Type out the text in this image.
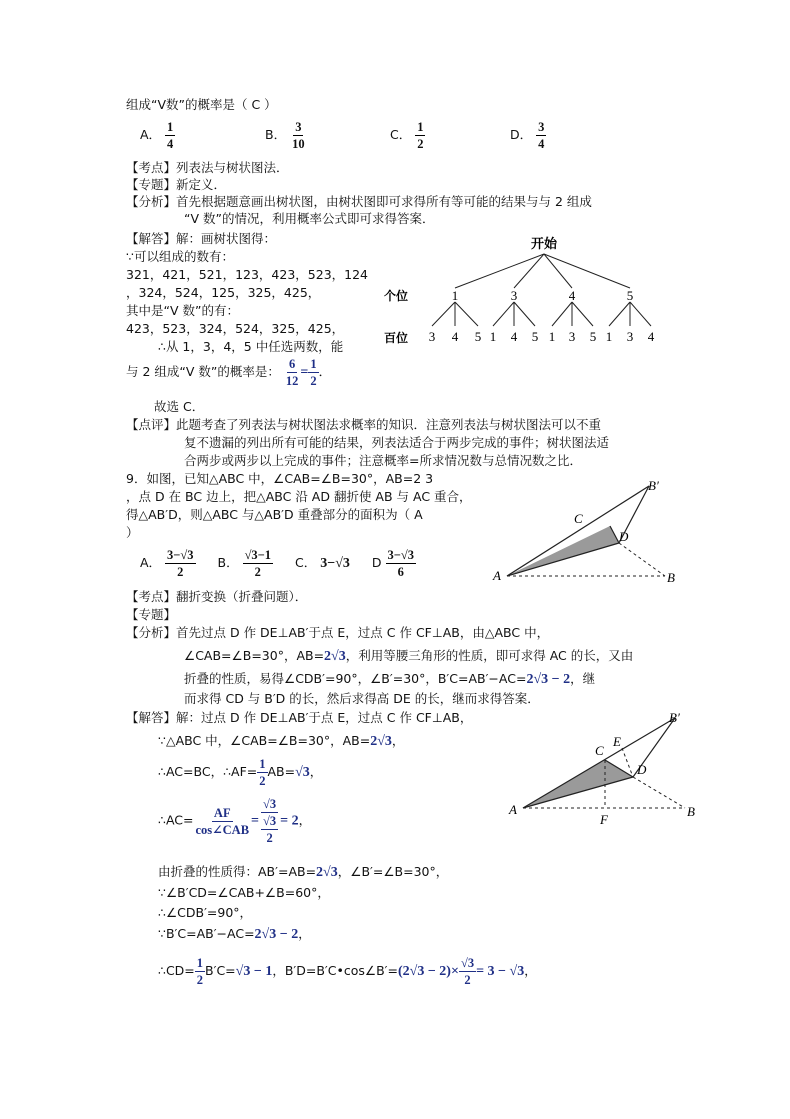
组成“V数”的概率是（ C ）
A． $\frac{1}{4}$	B． $\frac{3}{10}$	C． $\frac{1}{2}$	D． $\frac{3}{4}$
【考点】列表法与树状图法．
【专题】新定义．
【分析】首先根据题意画出树状图，由树状图即可求得所有等可能的结果与与 2 组成
“V 数”的情况，利用概率公式即可求得答案．
【解答】解：画树状图得：
∵可以组成的数有：
321，421，521，123，423，523，124
，324，524，125，325，425，
其中是“V 数”的有：
423，523，324，524，325，425，
∴从 1，3，4，5 中任选两数，能
与 2 组成“V 数”的概率是： $\frac{6}{12} = \frac{1}{2}$ ．
故选 C．
【点评】此题考查了列表法与树状图法求概率的知识．注意列表法与树状图法可以不重
复不遗漏的列出所有可能的结果，列表法适合于两步完成的事件；树状图法适
合两步或两步以上完成的事件；注意概率=所求情况数与总情况数之比．
开始
个位
百位
1	3	4	5
3 4 5 1 4 5 1 3 5 1 3 4
9．如图，已知△ABC 中，∠CAB=∠B=30°，AB=2 3
，点 D 在 BC 边上，把△ABC 沿 AD 翻折使 AB 与 AC 重合，
得△AB′D，则△ABC 与△AB′D 重叠部分的面积为（ A
）
A． $\frac{3-√3}{2}$ B． $\frac{√3-1}{2}$ C． 3−√3 D $\frac{3-√3}{6}$
【考点】翻折变换（折叠问题）．
【专题】
【分析】首先过点 D 作 DE⊥AB′于点 E，过点 C 作 CF⊥AB，由△ABC 中，
∠CAB=∠B=30°，AB=2√3，利用等腰三角形的性质，即可求得 AC 的长，又由
折叠的性质，易得∠CDB′=90°，∠B′=30°，B′C=AB′−AC=2√3 − 2，继
而求得 CD 与 B′D 的长，然后求得高 DE 的长，继而求得答案．
【解答】解：过点 D 作 DE⊥AB′于点 E，过点 C 作 CF⊥AB，
∵△ABC 中，∠CAB=∠B=30°，AB=2√3，
∴AC=BC，∴AF= $\frac{1}{2} AB=√3$，
∴AC= $\frac{AF}{\text{cos∠CAB}} = \frac{√3}{\frac{√3}{2}} = 2$，
由折叠的性质得：AB′=AB=2√3，∠B′=∠B=30°，
∵∠B′CD=∠CAB+∠B=60°，
∴∠CDB′=90°，
∵B′C=AB′−AC=2√3 − 2，
∴CD= $\frac{1}{2} B'C=√3 - 1$，B′D=B′C•cos∠B′=(2√3 − $2)\times \frac{√3}{2} = 3 - √3$，
A	B
B′
C
D
A	B
B′
C
E
D
F
